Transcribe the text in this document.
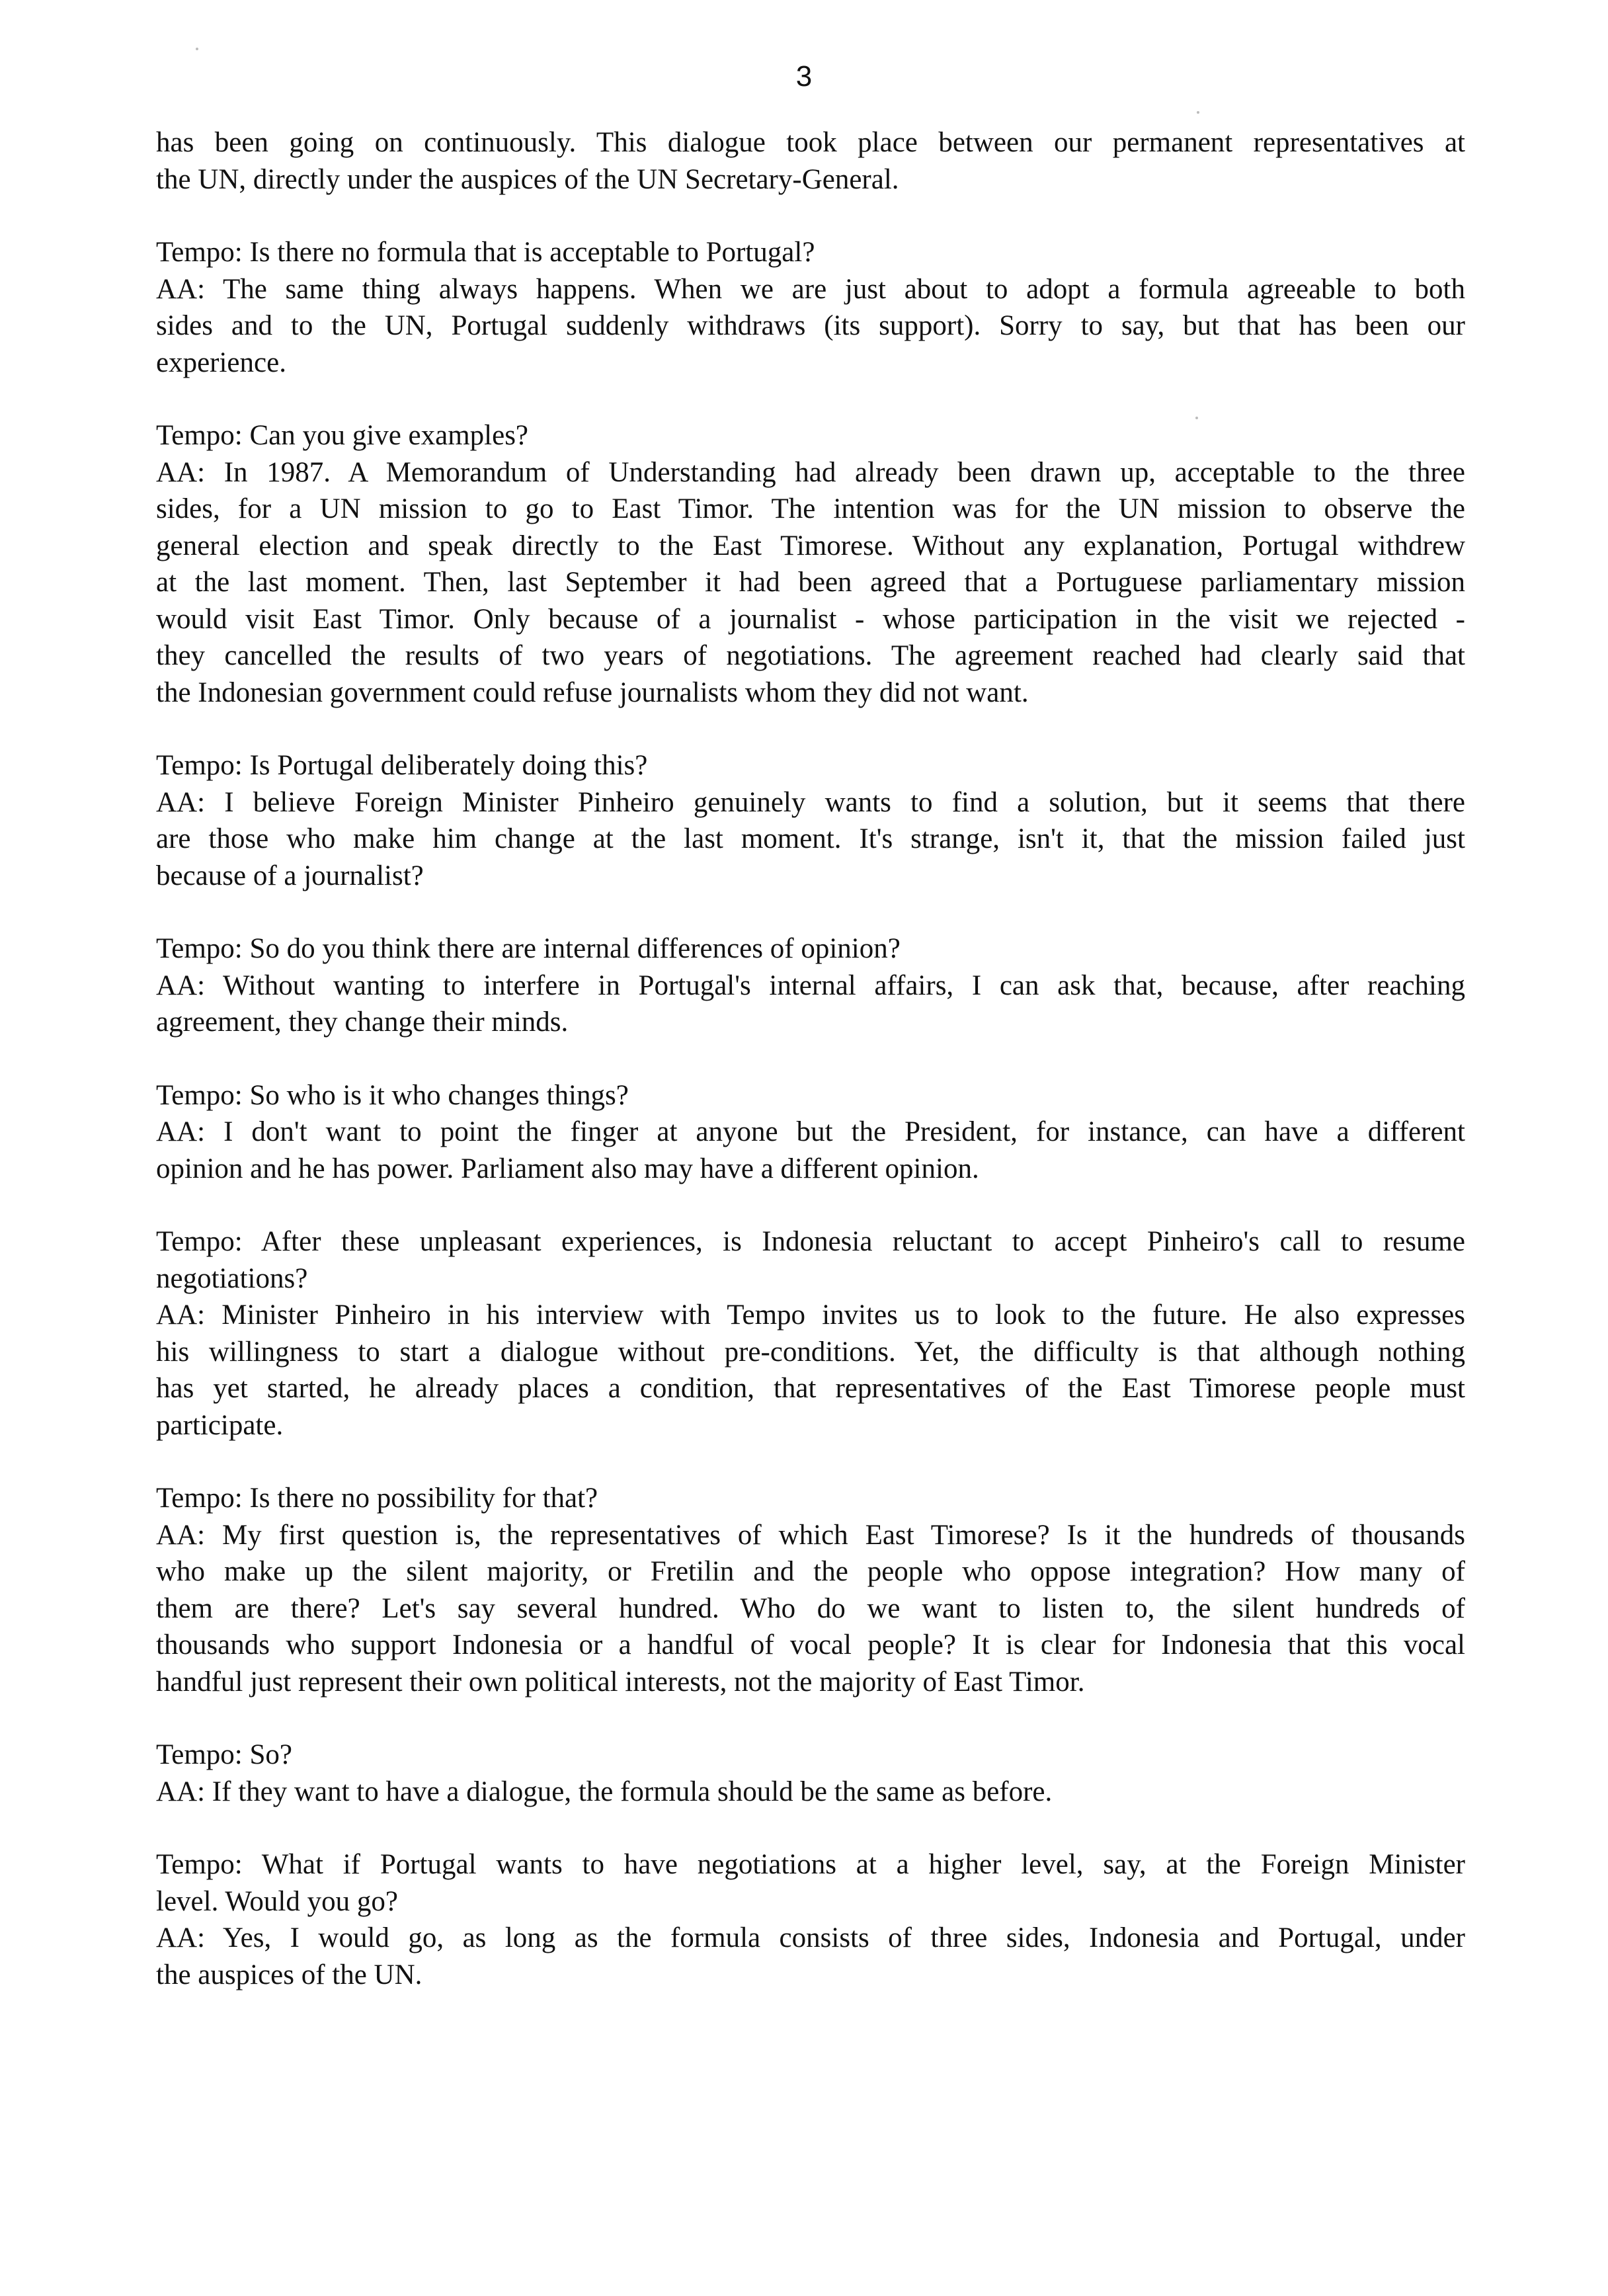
3
has been going on continuously. This dialogue took place between our permanent representatives at
the UN, directly under the auspices of the UN Secretary-General.
Tempo: Is there no formula that is acceptable to Portugal?
AA: The same thing always happens. When we are just about to adopt a formula agreeable to both
sides and to the UN, Portugal suddenly withdraws (its support). Sorry to say, but that has been our
experience.
Tempo: Can you give examples?
AA: In 1987. A Memorandum of Understanding had already been drawn up, acceptable to the three
sides, for a UN mission to go to East Timor. The intention was for the UN mission to observe the
general election and speak directly to the East Timorese. Without any explanation, Portugal withdrew
at the last moment. Then, last September it had been agreed that a Portuguese parliamentary mission
would visit East Timor. Only because of a journalist - whose participation in the visit we rejected -
they cancelled the results of two years of negotiations. The agreement reached had clearly said that
the Indonesian government could refuse journalists whom they did not want.
Tempo: Is Portugal deliberately doing this?
AA: I believe Foreign Minister Pinheiro genuinely wants to find a solution, but it seems that there
are those who make him change at the last moment. It's strange, isn't it, that the mission failed just
because of a journalist?
Tempo: So do you think there are internal differences of opinion?
AA: Without wanting to interfere in Portugal's internal affairs, I can ask that, because, after reaching
agreement, they change their minds.
Tempo: So who is it who changes things?
AA: I don't want to point the finger at anyone but the President, for instance, can have a different
opinion and he has power. Parliament also may have a different opinion.
Tempo: After these unpleasant experiences, is Indonesia reluctant to accept Pinheiro's call to resume
negotiations?
AA: Minister Pinheiro in his interview with Tempo invites us to look to the future. He also expresses
his willingness to start a dialogue without pre-conditions. Yet, the difficulty is that although nothing
has yet started, he already places a condition, that representatives of the East Timorese people must
participate.
Tempo: Is there no possibility for that?
AA: My first question is, the representatives of which East Timorese? Is it the hundreds of thousands
who make up the silent majority, or Fretilin and the people who oppose integration? How many of
them are there? Let's say several hundred. Who do we want to listen to, the silent hundreds of
thousands who support Indonesia or a handful of vocal people? It is clear for Indonesia that this vocal
handful just represent their own political interests, not the majority of East Timor.
Tempo: So?
AA: If they want to have a dialogue, the formula should be the same as before.
Tempo: What if Portugal wants to have negotiations at a higher level, say, at the Foreign Minister
level. Would you go?
AA: Yes, I would go, as long as the formula consists of three sides, Indonesia and Portugal, under
the auspices of the UN.
